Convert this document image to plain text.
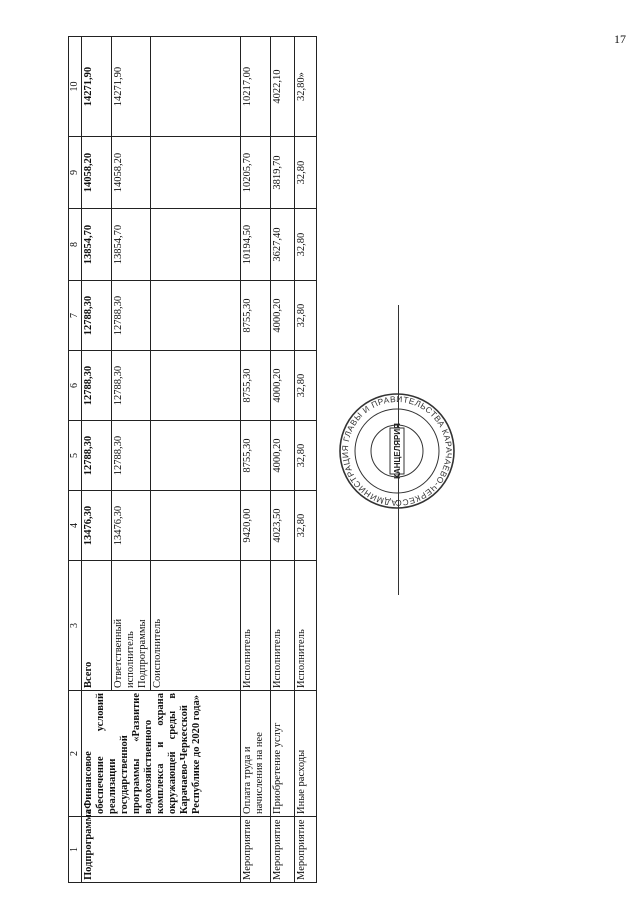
17
1	2	3	4	5	6	7	8	9	10
Подпрограмма	«Финансовое обеспечение условий реализации государственной программы «Развитие водохозяйственного комплекса и охрана окружающей среды в Карачаево-Черкесской Республике до 2020 года»	Всего	13476,30	12788,30	12788,30	12788,30	13854,70	14058,20	14271,90
		Ответственный исполнитель Подпрограммы	13476,30	12788,30	12788,30	12788,30	13854,70	14058,20	14271,90
		Соисполнитель							
Мероприятие	Оплата труда и начисления на нее	Исполнитель	9420,00	8755,30	8755,30	8755,30	10194,50	10205,70	10217,00
Мероприятие	Приобретение услуг	Исполнитель	4023,50	4000,20	4000,20	4000,20	3627,40	3819,70	4022,10
Мероприятие	Иные расходы	Исполнитель	32,80	32,80	32,80	32,80	32,80	32,80	32,80»
АДМИНИСТРАЦИЯ ГЛАВЫ И ПРАВИТЕЛЬСТВА КАРАЧАЕВО-ЧЕРКЕСС
КАНЦЕЛЯРИЯ
